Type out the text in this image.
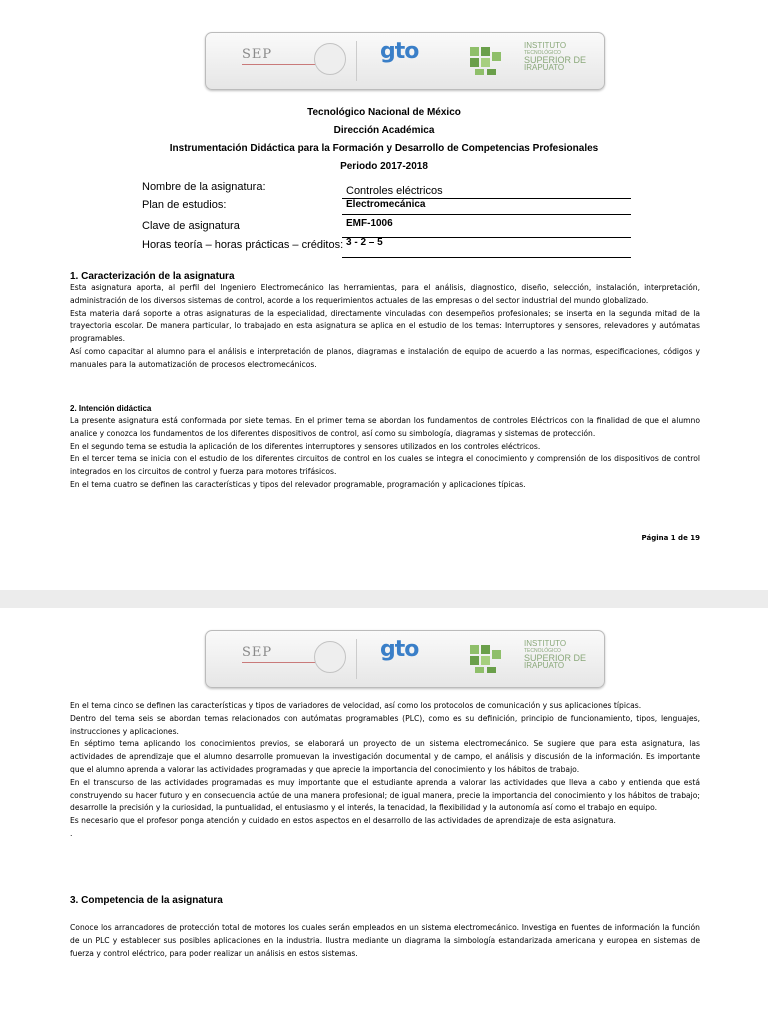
SEP
	gto	INSTITUTO
TECNOLÓGICO
SUPERIOR DE
IRAPUATO
Tecnológico Nacional de México
Dirección Académica
Instrumentación Didáctica para la Formación y Desarrollo de Competencias Profesionales
Periodo 2017-2018
Nombre de la asignatura:	Controles eléctricos
Plan de estudios:	Electromecánica
Clave de asignatura	EMF-1006
Horas teoría – horas prácticas – créditos: 3 - 2 – 5
1. Caracterización de la asignatura

Esta asignatura aporta, al perfil del Ingeniero Electromecánico las herramientas, para el análisis, diagnostico, diseño, selección, instalación, interpretación, administración de los diversos sistemas de control, acorde a los requerimientos actuales de las empresas o del sector industrial del mundo globalizado.

Esta materia dará soporte a otras asignaturas de la especialidad, directamente vinculadas con desempeños profesionales; se inserta en la segunda mitad de la trayectoria escolar. De manera particular, lo trabajado en esta asignatura se aplica en el estudio de los temas: Interruptores y sensores, relevadores y autómatas programables.

Así como capacitar al alumno para el análisis e interpretación de planos, diagramas e instalación de equipo de acuerdo a las normas, especificaciones, códigos y manuales para la automatización de procesos electromecánicos.

2. Intención didáctica

La presente asignatura está conformada por siete temas. En el primer tema se abordan los fundamentos de controles Eléctricos con la finalidad de que el alumno analice y conozca los fundamentos de los diferentes dispositivos de control, así como su simbología, diagramas y sistemas de protección.

En el segundo tema se estudia la aplicación de los diferentes interruptores y sensores utilizados en los controles eléctricos.

En el tercer tema se inicia con el estudio de los diferentes circuitos de control en los cuales se integra el conocimiento y comprensión de los dispositivos de control integrados en los circuitos de control y fuerza para motores trifásicos.

En el tema cuatro se definen las características y tipos del relevador programable, programación y aplicaciones típicas.

Página 1 de 19
SEP
	gto	INSTITUTO
TECNOLÓGICO
SUPERIOR DE
IRAPUATO

En el tema cinco se definen las características y tipos de variadores de velocidad, así como los protocolos de comunicación y sus aplicaciones típicas.

Dentro del tema seis se abordan temas relacionados con autómatas programables (PLC), como es su definición, principio de funcionamiento, tipos, lenguajes, instrucciones y aplicaciones.

En séptimo tema aplicando los conocimientos previos, se elaborará un proyecto de un sistema electromecánico. Se sugiere que para esta asignatura, las actividades de aprendizaje que el alumno desarrolle promuevan la investigación documental y de campo, el análisis y discusión de la información. Es importante que el alumno aprenda a valorar las actividades programadas y que aprecie la importancia del conocimiento y los hábitos de trabajo.

En el transcurso de las actividades programadas es muy importante que el estudiante aprenda a valorar las actividades que lleva a cabo y entienda que está construyendo su hacer futuro y en consecuencia actúe de una manera profesional; de igual manera, precie la importancia del conocimiento y los hábitos de trabajo; desarrolle la precisión y la curiosidad, la puntualidad, el entusiasmo y el interés, la tenacidad, la flexibilidad y la autonomía así como el trabajo en equipo.

Es necesario que el profesor ponga atención y cuidado en estos aspectos en el desarrollo de las actividades de aprendizaje de esta asignatura.

.

3. Competencia de la asignatura

Conoce los arrancadores de protección total de motores los cuales serán empleados en un sistema electromecánico. Investiga en fuentes de información la función de un PLC y establecer sus posibles aplicaciones en la industria. Ilustra mediante un diagrama la simbología estandarizada americana y europea en sistemas de fuerza y control eléctrico, para poder realizar un análisis en estos sistemas.
